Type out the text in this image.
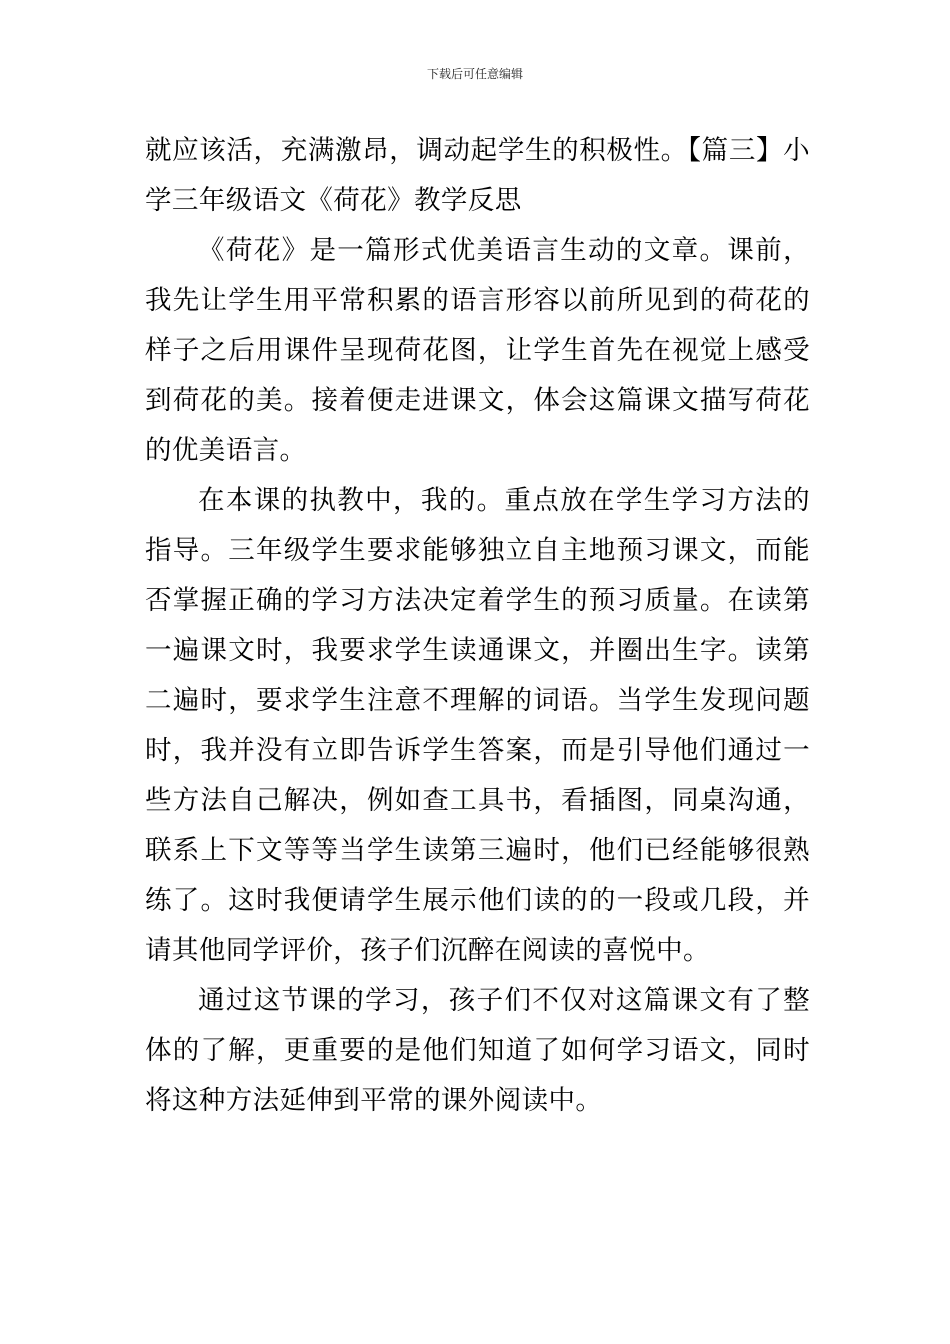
下载后可任意编辑

就应该活，充满激昂，调动起学生的积极性。【篇三】小学三年级语文《荷花》教学反思

《荷花》是一篇形式优美语言生动的文章。课前，我先让学生用平常积累的语言形容以前所见到的荷花的样子之后用课件呈现荷花图，让学生首先在视觉上感受到荷花的美。接着便走进课文，体会这篇课文描写荷花的优美语言。

在本课的执教中，我的。重点放在学生学习方法的指导。三年级学生要求能够独立自主地预习课文，而能否掌握正确的学习方法决定着学生的预习质量。在读第一遍课文时，我要求学生读通课文，并圈出生字。读第二遍时，要求学生注意不理解的词语。当学生发现问题时，我并没有立即告诉学生答案，而是引导他们通过一些方法自己解决，例如查工具书，看插图，同桌沟通，联系上下文等等当学生读第三遍时，他们已经能够很熟练了。这时我便请学生展示他们读的的一段或几段，并请其他同学评价，孩子们沉醉在阅读的喜悦中。

通过这节课的学习，孩子们不仅对这篇课文有了整体的了解，更重要的是他们知道了如何学习语文，同时将这种方法延伸到平常的课外阅读中。
